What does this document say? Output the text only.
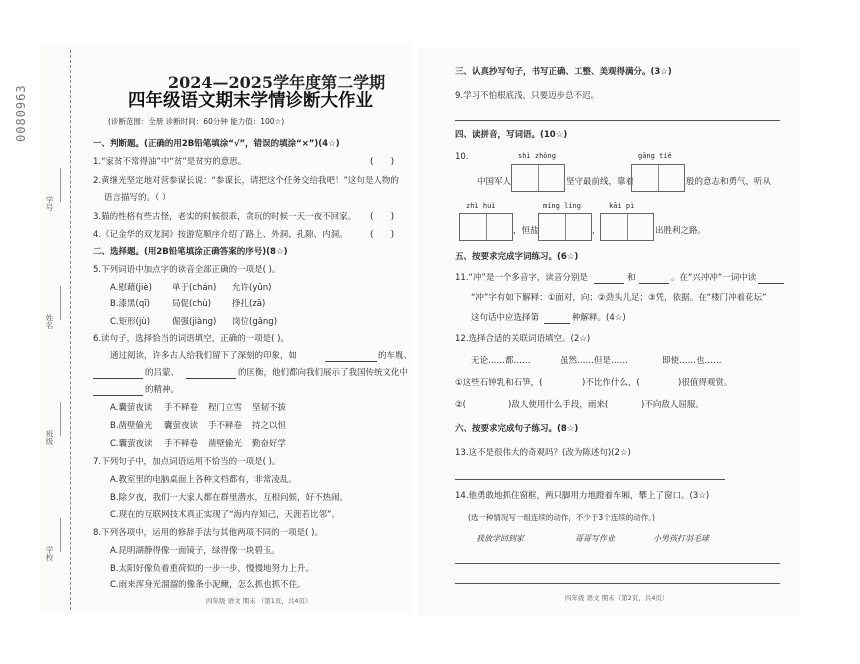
0080963
学号
姓名
班级
学校
2024—2025学年度第二学期
四年级语文期末学情诊断大作业
(诊断范围：全册 诊断时间：60分钟 能力值：100☆)
一、判断题。(正确的用2B铅笔填涂“√”，错误的填涂“×”)(4☆)
1.“家贫不常得油”中“贫”是贫穷的意思。	(      )
2.黄继光坚定地对营参谋长说：“参谋长，请把这个任务交给我吧！”这句是人物的
语言描写的。（ ）
3.猫的性格有些古怪，老实的时候很乖，贪玩的时候一天一夜不回家。 (      )
4.《记金华的双龙洞》按游览顺序介绍了路上、外洞、孔隙、内洞。 (      )
二、选择题。(用2B铅笔填涂正确答案的序号)(8☆)
5.下列词语中加点字的读音全部正确的一项是( )。
A.慰藉(jiè) 单于(chán) 允许(yǔn)
B.漆黑(qī)	局促(chù) 挣扎(zā)
C.矩形(jù)	倔强(jiàng) 岗位(gǎng)
6.读句子，选择恰当的词语填空，正确的一项是( )。
通过阅读，许多古人给我们留下了深刻的印象，如	的车胤、
的吕蒙、	的匡衡，他们都向我们展示了我国传统文化中
的精神。
A.囊萤夜读 手不释卷 程门立雪 坚韧不拔
B.凿壁偷光 囊萤夜读 手不释卷 持之以恒
C.囊萤夜读 手不释卷 凿壁偷光 勤奋好学
7.下列句子中，加点词语运用不恰当的一项是( )。
A.教室里的电脑桌面上各种文档都有，非常凌乱。
B.除夕夜，我们一大家人都在群里潜水，互相问候，好不热闹。
C.现在的互联网技术真正实现了“海内存知己，天涯若比邻”。
8.下列各项中，运用的修辞手法与其他两项不同的一项是( )。
A.昆明湖静得像一面镜子，绿得像一块碧玉。
B.太阳好像负着重荷似的一步一步，慢慢地努力上升。
C.雨来浑身光溜溜的像条小泥鳅，怎么抓也抓不住。
四年级 语文 期末 （第1页，共4页）
三、认真抄写句子，书写正确、工整、美观得满分。(3☆)
9.学习不怕根底浅，只要迈步总不迟。
四、读拼音，写词语。(10☆)
10.	shì zhǒng	gāng tiě
中国军人	坚守最前线，靠着	般的意志和勇气，听从
zhì huì	míng líng	kāi pì
，恒盐	，	出胜利之路。
五、按要求完成字词练习。(6☆)
11.“冲”是一个多音字，读音分别是	和	。在“兴冲冲”一词中读
“冲”字有如下解释：①面对，向；②劲头儿足；③凭，依据。在“楼门冲着花坛”
这句话中应选择第	种解释。(4☆)
12.选择合适的关联词语填空。(2☆)
无论……都……	虽然……但是……	即使……也……
①这些石钟乳和石笋，(	)不比作什么，(	)很值得观赏。
②(	)敌人使用什么手段，雨来(	)不向敌人屈服。
六、按要求完成句子练习。(8☆)
13.这不是很伟大的奇观吗？(改为陈述句)(2☆)
14.他勇敢地抓住窗框，两只脚用力地蹬着车厢，攀上了窗口。(3☆)
(选一种情况写一组连续的动作，不少于3个连续的动作。)
我放学回到家	哥哥写作业	小男孩打羽毛球
四年级 语文 期末（第2页，共4页）
